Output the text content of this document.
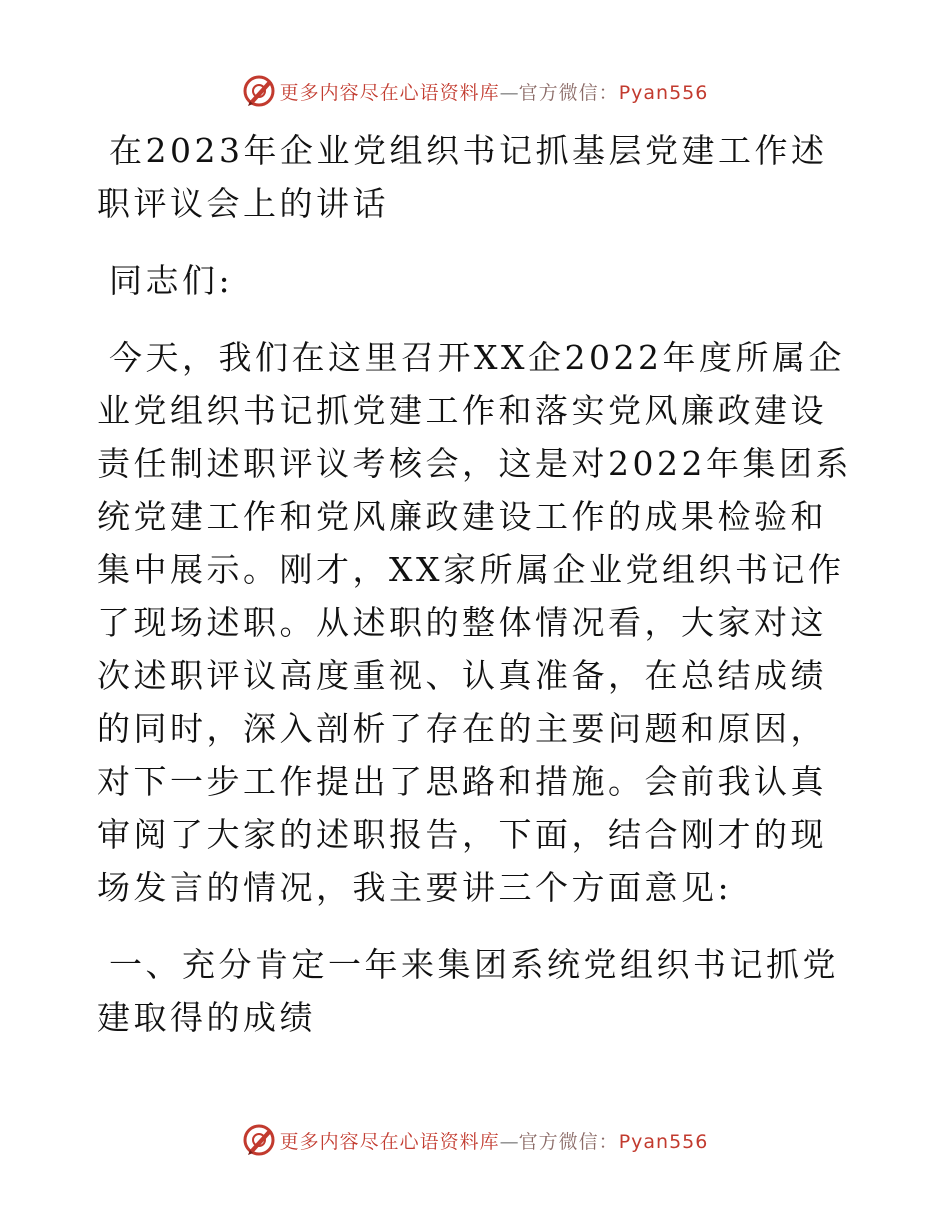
更多内容尽在心语资料库—官方微信：Pyan556

在2023年企业党组织书记抓基层党建工作述职评议会上的讲话

同志们:

今天，我们在这里召开XX企2022年度所属企业党组织书记抓党建工作和落实党风廉政建设责任制述职评议考核会，这是对2022年集团系统党建工作和党风廉政建设工作的成果检验和集中展示。刚才，XX家所属企业党组织书记作了现场述职。从述职的整体情况看，大家对这次述职评议高度重视、认真准备，在总结成绩的同时，深入剖析了存在的主要问题和原因，对下一步工作提出了思路和措施。会前我认真审阅了大家的述职报告，下面，结合刚才的现场发言的情况，我主要讲三个方面意见:

一、充分肯定一年来集团系统党组织书记抓党建取得的成绩

更多内容尽在心语资料库—官方微信：Pyan556
